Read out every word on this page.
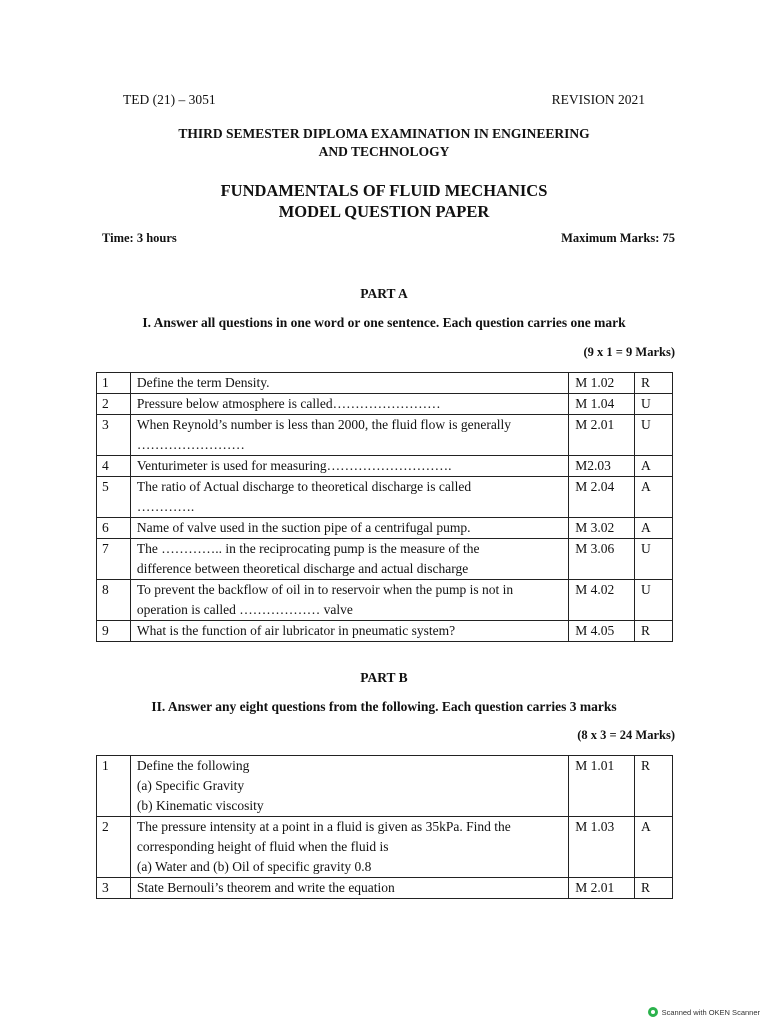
TED (21) – 3051	REVISION 2021
THIRD SEMESTER DIPLOMA EXAMINATION IN ENGINEERING
AND TECHNOLOGY
FUNDAMENTALS OF FLUID MECHANICS
MODEL QUESTION PAPER
Time: 3 hours	Maximum Marks: 75
PART A
I. Answer all questions in one word or one sentence. Each question carries one mark
(9 x 1 = 9 Marks)
1	Define the term Density.	M 1.02	R
2	Pressure below atmosphere is called……………………	M 1.04	U
3	When Reynold’s number is less than 2000, the fluid flow is generally
……………………	M 2.01	U
4	Venturimeter is used for measuring……………………….	M2.03	A
5	The ratio of Actual discharge to theoretical discharge is called
………….	M 2.04	A
6	Name of valve used in the suction pipe of a centrifugal pump.	M 3.02	A
7	The ………….. in the reciprocating pump is the measure of the
difference between theoretical discharge and actual discharge	M 3.06	U
8	To prevent the backflow of oil in to reservoir when the pump is not in
operation is called ……………… valve	M 4.02	U
9	What is the function of air lubricator in pneumatic system?	M 4.05	R
PART B
II. Answer any eight questions from the following. Each question carries 3 marks
(8 x 3 = 24 Marks)
1	Define the following
(a) Specific Gravity
(b) Kinematic viscosity	M 1.01	R
2	The pressure intensity at a point in a fluid is given as 35kPa. Find the
corresponding height of fluid when the fluid is
(a) Water and (b) Oil of specific gravity 0.8	M 1.03	A
3	State Bernouli’s theorem and write the equation	M 2.01	R
Scanned with OKEN Scanner
